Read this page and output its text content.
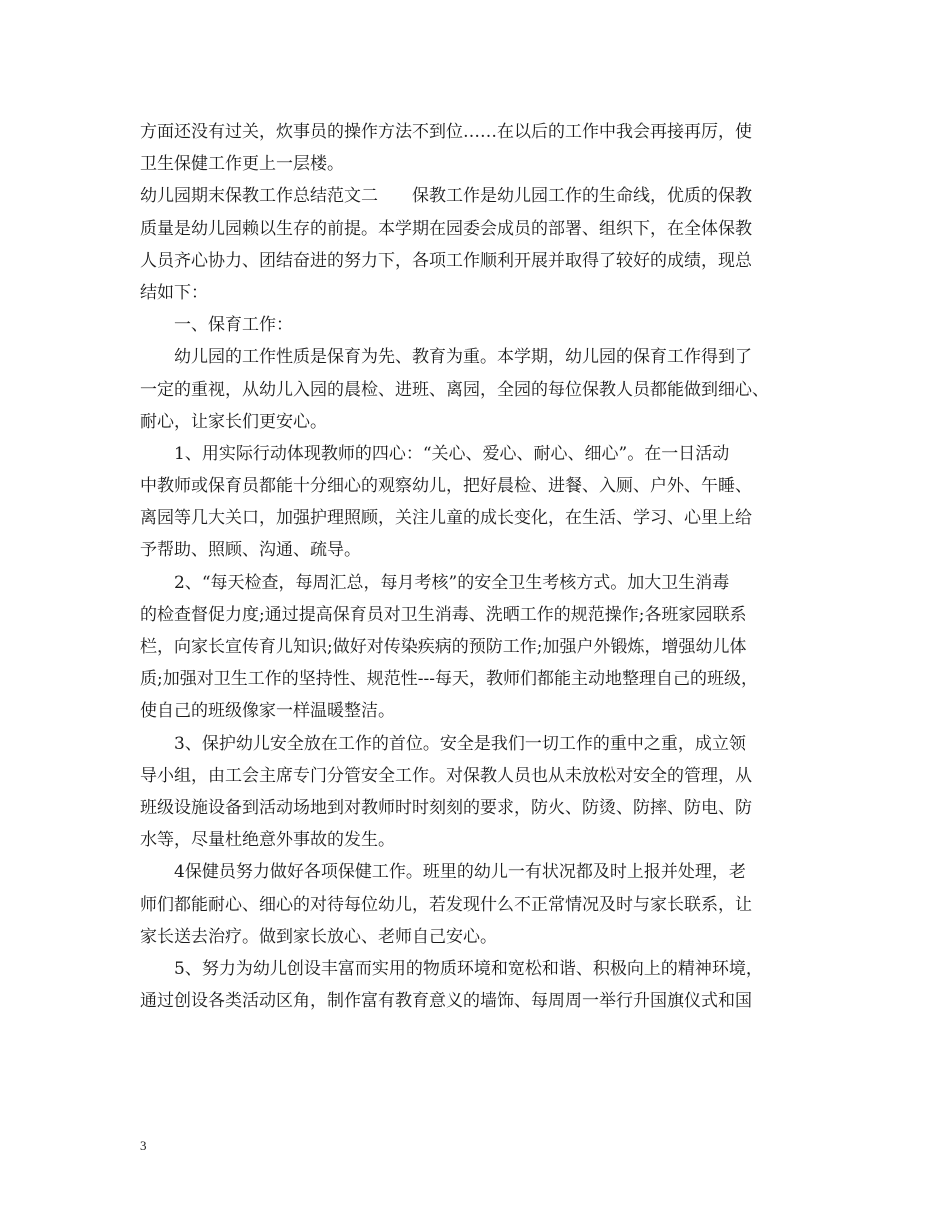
方面还没有过关，炊事员的操作方法不到位……在以后的工作中我会再接再厉，使
卫生保健工作更上一层楼。
幼儿园期末保教工作总结范文二　　保教工作是幼儿园工作的生命线，优质的保教
质量是幼儿园赖以生存的前提。本学期在园委会成员的部署、组织下，在全体保教
人员齐心协力、团结奋进的努力下，各项工作顺利开展并取得了较好的成绩，现总
结如下：
一、保育工作：
幼儿园的工作性质是保育为先、教育为重。本学期，幼儿园的保育工作得到了
一定的重视，从幼儿入园的晨检、进班、离园，全园的每位保教人员都能做到细心、
耐心，让家长们更安心。
1、用实际行动体现教师的四心：“关心、爱心、耐心、细心”。在一日活动
中教师或保育员都能十分细心的观察幼儿，把好晨检、进餐、入厕、户外、午睡、
离园等几大关口，加强护理照顾，关注儿童的成长变化，在生活、学习、心里上给
予帮助、照顾、沟通、疏导。
2、“每天检查，每周汇总，每月考核”的安全卫生考核方式。加大卫生消毒
的检查督促力度;通过提高保育员对卫生消毒、洗晒工作的规范操作;各班家园联系
栏，向家长宣传育儿知识;做好对传染疾病的预防工作;加强户外锻炼，增强幼儿体
质;加强对卫生工作的坚持性、规范性---每天，教师们都能主动地整理自己的班级，
使自己的班级像家一样温暖整洁。
3、保护幼儿安全放在工作的首位。安全是我们一切工作的重中之重，成立领
导小组，由工会主席专门分管安全工作。对保教人员也从未放松对安全的管理，从
班级设施设备到活动场地到对教师时时刻刻的要求，防火、防烫、防摔、防电、防
水等，尽量杜绝意外事故的发生。
4保健员努力做好各项保健工作。班里的幼儿一有状况都及时上报并处理，老
师们都能耐心、细心的对待每位幼儿，若发现什么不正常情况及时与家长联系，让
家长送去治疗。做到家长放心、老师自己安心。
5、努力为幼儿创设丰富而实用的物质环境和宽松和谐、积极向上的精神环境，
通过创设各类活动区角，制作富有教育意义的墙饰、每周周一举行升国旗仪式和国
3
